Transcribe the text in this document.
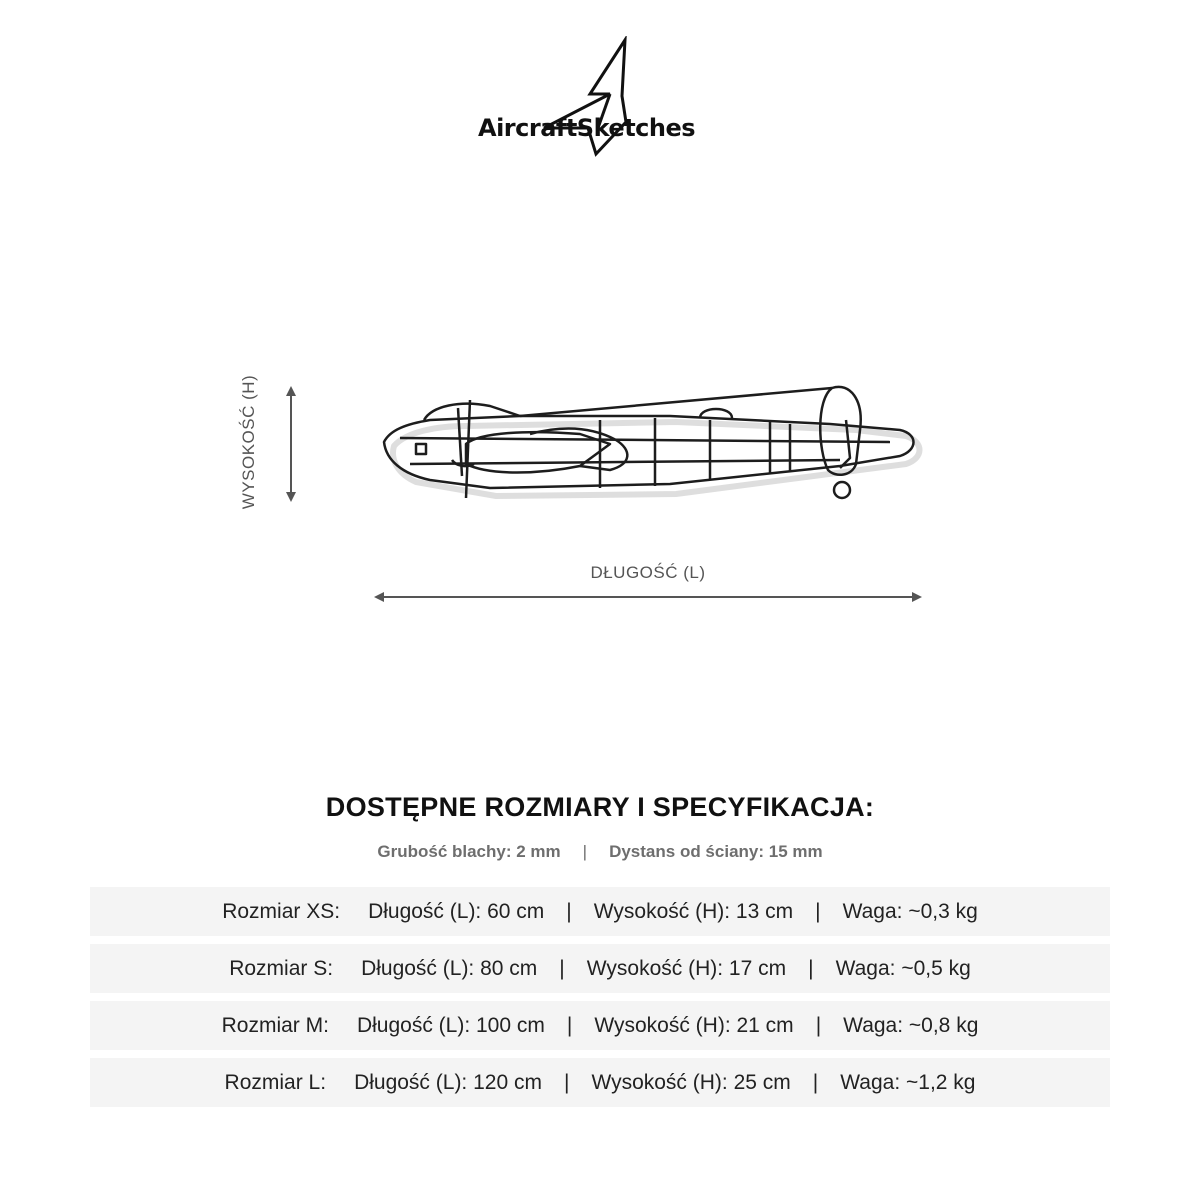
AircraftSketches
WYSOKOŚĆ (H)
DŁUGOŚĆ (L)
DOSTĘPNE ROZMIARY I SPECYFIKACJA:
Grubość blachy: 2 mm | Dystans od ściany: 15 mm
Rozmiar XS: Długość (L): 60 cm | Wysokość (H): 13 cm | Waga: ~0,3 kg
Rozmiar S: Długość (L): 80 cm | Wysokość (H): 17 cm | Waga: ~0,5 kg
Rozmiar M: Długość (L): 100 cm | Wysokość (H): 21 cm | Waga: ~0,8 kg
Rozmiar L: Długość (L): 120 cm | Wysokość (H): 25 cm | Waga: ~1,2 kg
